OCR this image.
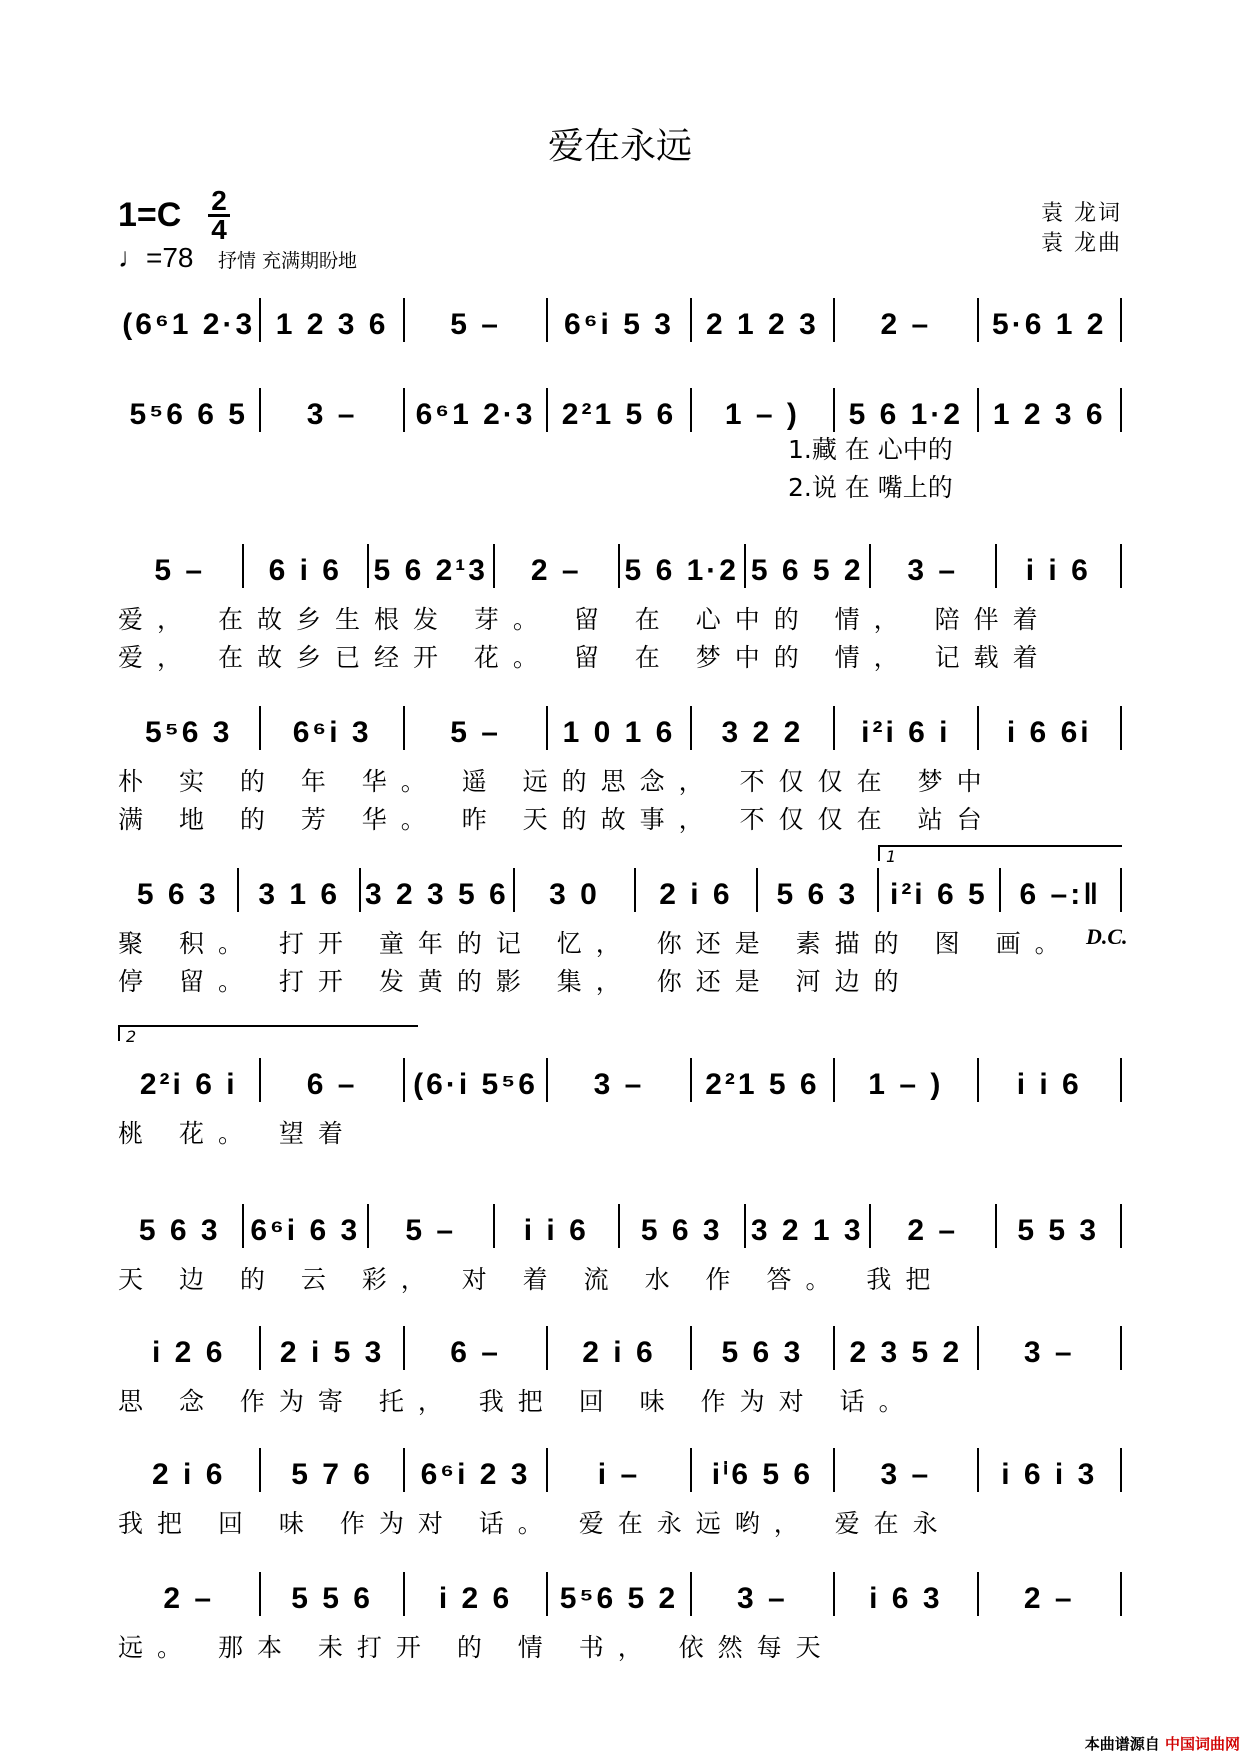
爱在永远
1=C 2
4
♩=78 抒情 充满期盼地
袁 龙词
袁 龙曲
(6⁶1 2·3 1 2 3 6	5 –	6⁶i 5 3	2 1 2 3	2 –	5·6 1 2
5⁵6 6 5	3 –	6⁶1 2·3 2²1 5 6	1 – )	5 6 1·2 1 2 3 6
5 –	6 i 6	5 6 2¹3	2 –	5 6 1·2 5 6 5 2	3 –	i i 6
爱， 在故乡生根发 芽。 留 在 心中的 情， 陪伴着
爱， 在故乡已经开 花。 留 在 梦中的 情， 记载着
5⁵6 3	6⁶i 3	5 –	1 0 1 6	3 2 2	i²i 6 i	i 6 6i
朴 实 的 年 华。 遥 远的思念， 不仅仅在 梦中
满 地 的 芳 华。 昨 天的故事， 不仅仅在 站台
5 6 3	3 1 6 3 2 3 5 6	3 0	2 i 6	5 6 3	i²i 6 5	6 –:‖
聚 积。 打开 童年的记 忆， 你还是 素描的 图 画。
停 留。 打开 发黄的影 集， 你还是 河边的
2²i 6 i	6 –	(6·i 5⁵6	3 –	2²1 5 6	1 – )	i i 6
桃 花。 望着
5 6 3 6⁶i 6 3	5 –	i i 6	5 6 3 3 2 1 3	2 –	5 5 3
天 边 的 云 彩， 对 着 流 水 作 答。 我把
i 2 6	2 i 5 3	6 –	2 i 6	5 6 3	2 3 5 2	3 –
思 念 作为寄 托， 我把 回 味 作为对 话。
2 i 6	5 7 6	6⁶i 2 3	i –	iⁱ6 5 6	3 –	i 6 i 3
我把 回 味 作为对 话。 爱在永远哟， 爱在永
2 –	5 5 6	i 2 6	5⁵6 5 2	3 –	i 6 3	2 –
远。 那本 未打开 的 情 书， 依然每天
1.藏 在 心中的
2.说 在 嘴上的
1
D.C.
2
本曲谱源自 中国词曲网
